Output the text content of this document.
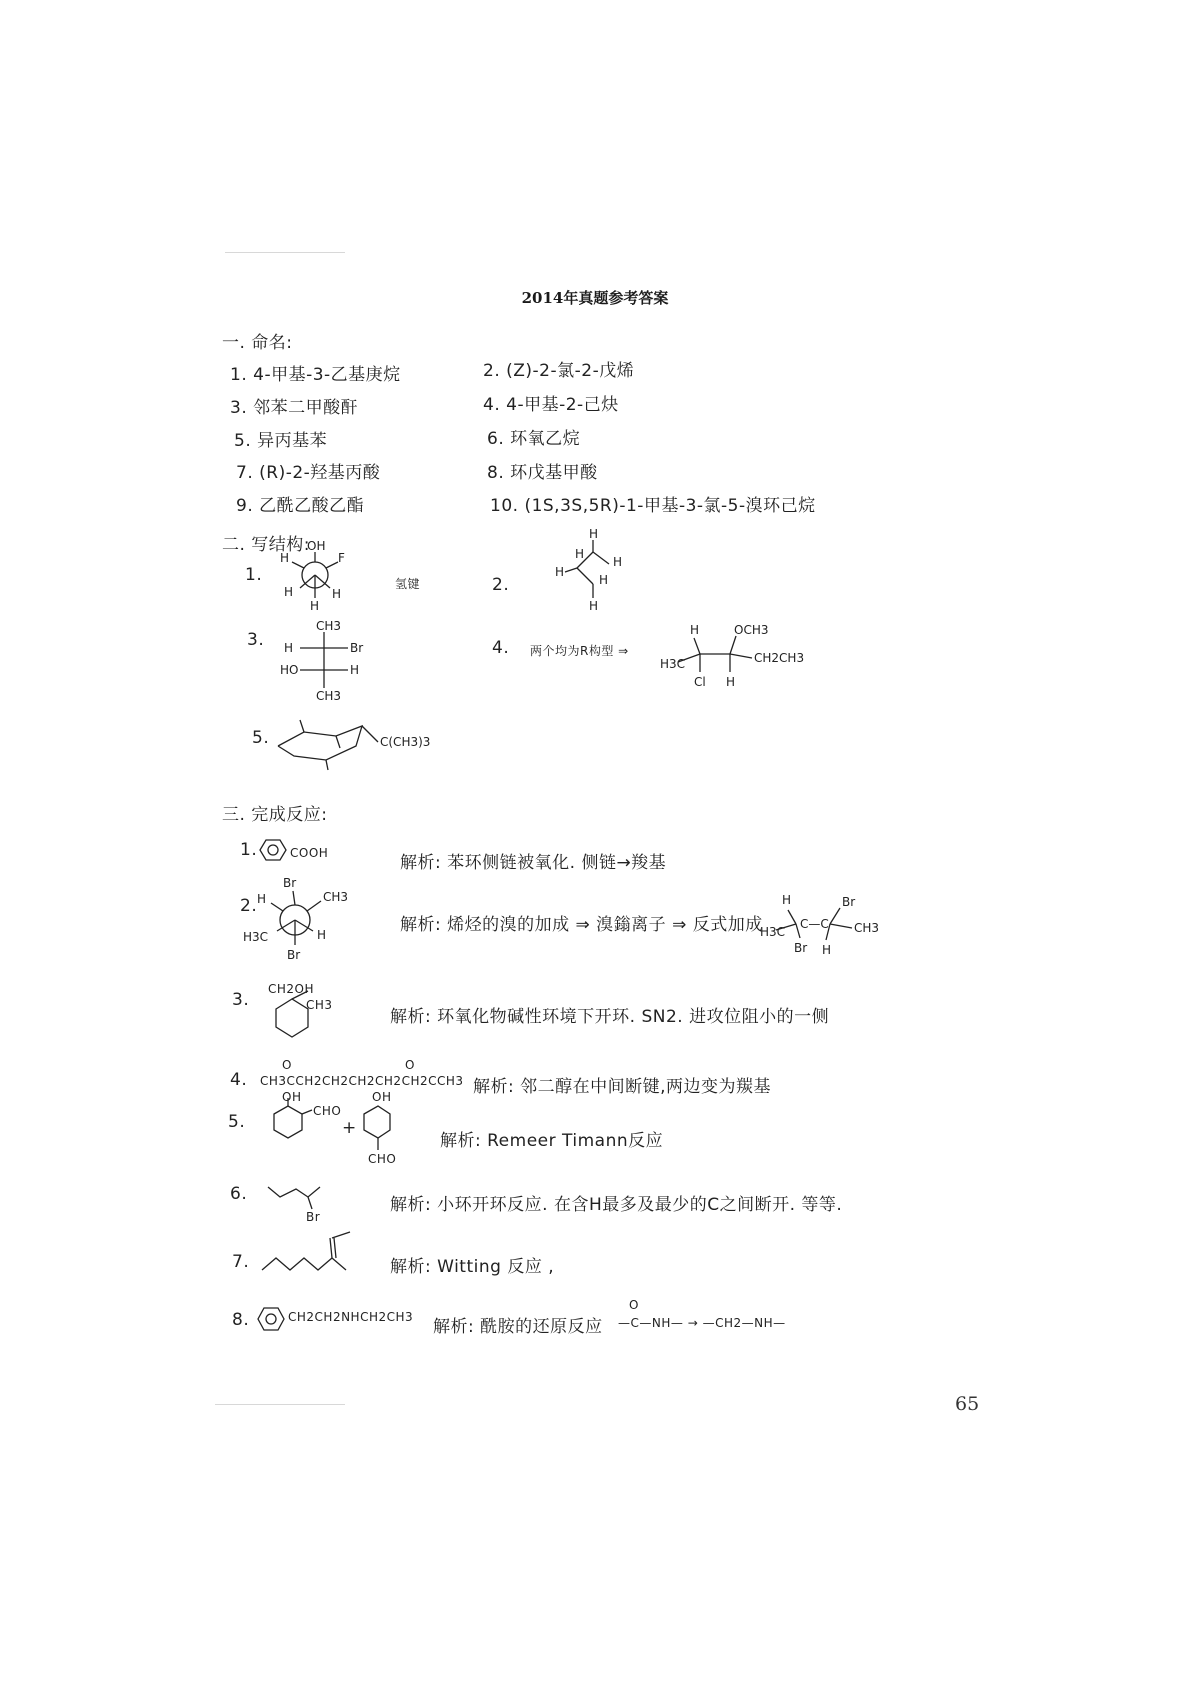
2014年真题参考答案
一. 命名:
1. 4-甲基-3-乙基庚烷	2. (Z)-2-氯-2-戊烯
3. 邻苯二甲酸酐	4. 4-甲基-2-己炔
5. 异丙基苯	6. 环氧乙烷
7. (R)-2-羟基丙酸	8. 环戊基甲酸
9. 乙酰乙酸乙酯	10. (1S,3S,5R)-1-甲基-3-氯-5-溴环己烷
二. 写结构:
1.
OH
F
H
H	H
H
氢键	2.
H
H
H
H
H
H
3.
CH3
H	Br
HO	H
CH3
4. 两个均为R构型 ⇒
H	OCH3
H3C	CH2CH3
Cl H
5.	C(CH3)3
三. 完成反应:
1.	COOH	解析: 苯环侧链被氧化. 侧链→羧基
2.
Br
CH3
H
H3C	H
Br
解析: 烯烃的溴的加成 ⇒ 溴鎓离子 ⇒ 反式加成	C—C
H	Br
H3C	CH3
Br H
3.
CH2OH
CH3
解析: 环氧化物碱性环境下开环. SN2. 进攻位阻小的一侧
4.
O	O
CH3CCH2CH2CH2CH2CH2CCH3 解析: 邻二醇在中间断键,两边变为羰基
5.
OH
CHO
+
OH
CHO
解析: Remeer Timann反应
6.
Br
解析: 小环开环反应. 在含H最多及最少的C之间断开. 等等.
7.	解析: Witting 反应 ,
8.	CH2CH2NHCH2CH3 解析: 酰胺的还原反应
O
—C—NH— → —CH2—NH—
65
